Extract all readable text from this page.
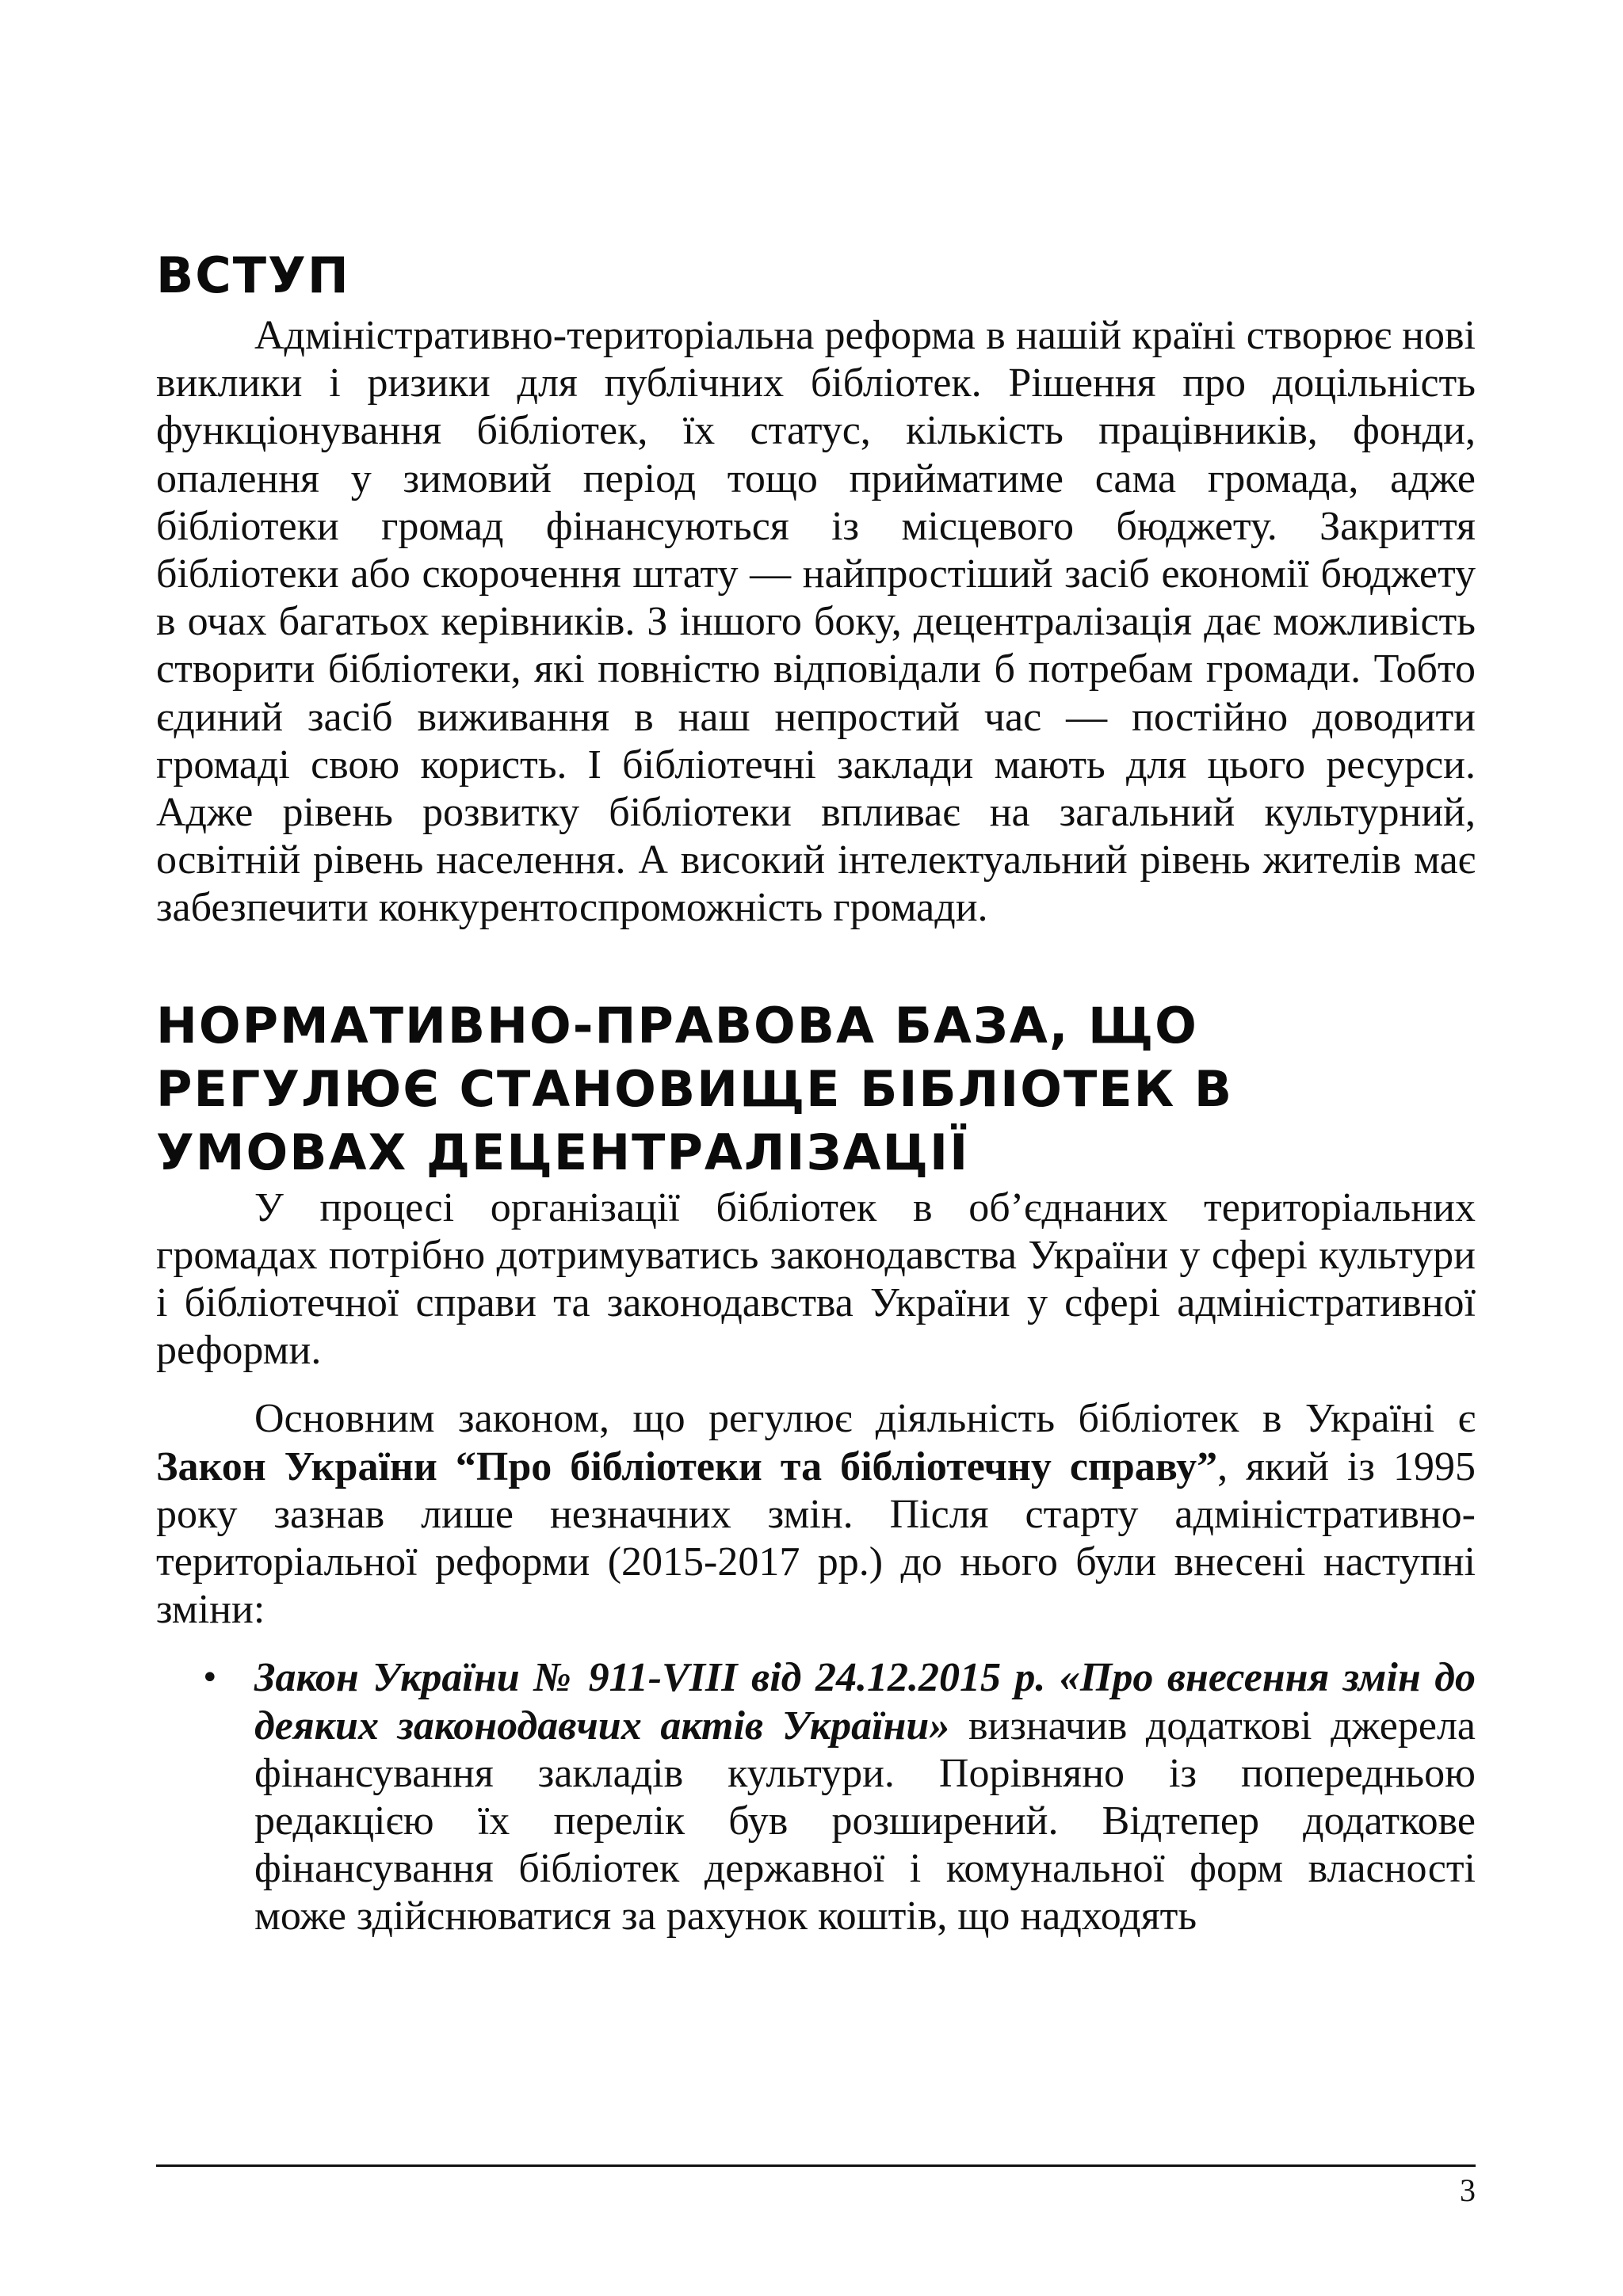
ВСТУП

Адміністративно-територіальна реформа в нашій країні створює нові виклики і ризики для публічних бібліотек. Рішення про доцільність функціонування бібліотек, їх статус, кількість працівників, фонди, опалення у зимовий період тощо прийматиме сама громада, адже бібліотеки громад фінансуються із місцевого бюджету. Закриття бібліотеки або скорочення штату — найпростіший засіб економії бюджету в очах багатьох керівників. З іншого боку, децентралізація дає можливість створити бібліотеки, які повністю відповідали б потребам громади. Тобто єдиний засіб виживання в наш непростий час — постійно доводити громаді свою користь. І бібліотечні заклади мають для цього ресурси. Адже рівень розвитку бібліотеки впливає на загальний культурний, освітній рівень населення. А високий інтелектуальний рівень жителів має забезпечити конкурентоспроможність громади.

НОРМАТИВНО-ПРАВОВА БАЗА, ЩО РЕГУЛЮЄ СТАНОВИЩЕ БІБЛІОТЕК В УМОВАХ ДЕЦЕНТРАЛІЗАЦІЇ

У процесі організації бібліотек в об’єднаних територіальних громадах потрібно дотримуватись законодавства України у сфері культури і бібліотечної справи та законодавства України у сфері адміністративної реформи.

Основним законом, що регулює діяльність бібліотек в Україні є Закон України “Про бібліотеки та бібліотечну справу”, який із 1995 року зазнав лише незначних змін. Після старту адміністративно-територіальної реформи (2015-2017 рр.) до нього були внесені наступні зміни:

• Закон України № 911-VIII від 24.12.2015 р. «Про внесення змін до деяких законодавчих актів України» визначив додаткові джерела фінансування закладів культури. Порівняно із попередньою редакцією їх перелік був розширений. Відтепер додаткове фінансування бібліотек державної і комунальної форм власності може здійснюватися за рахунок коштів, що надходять
3
